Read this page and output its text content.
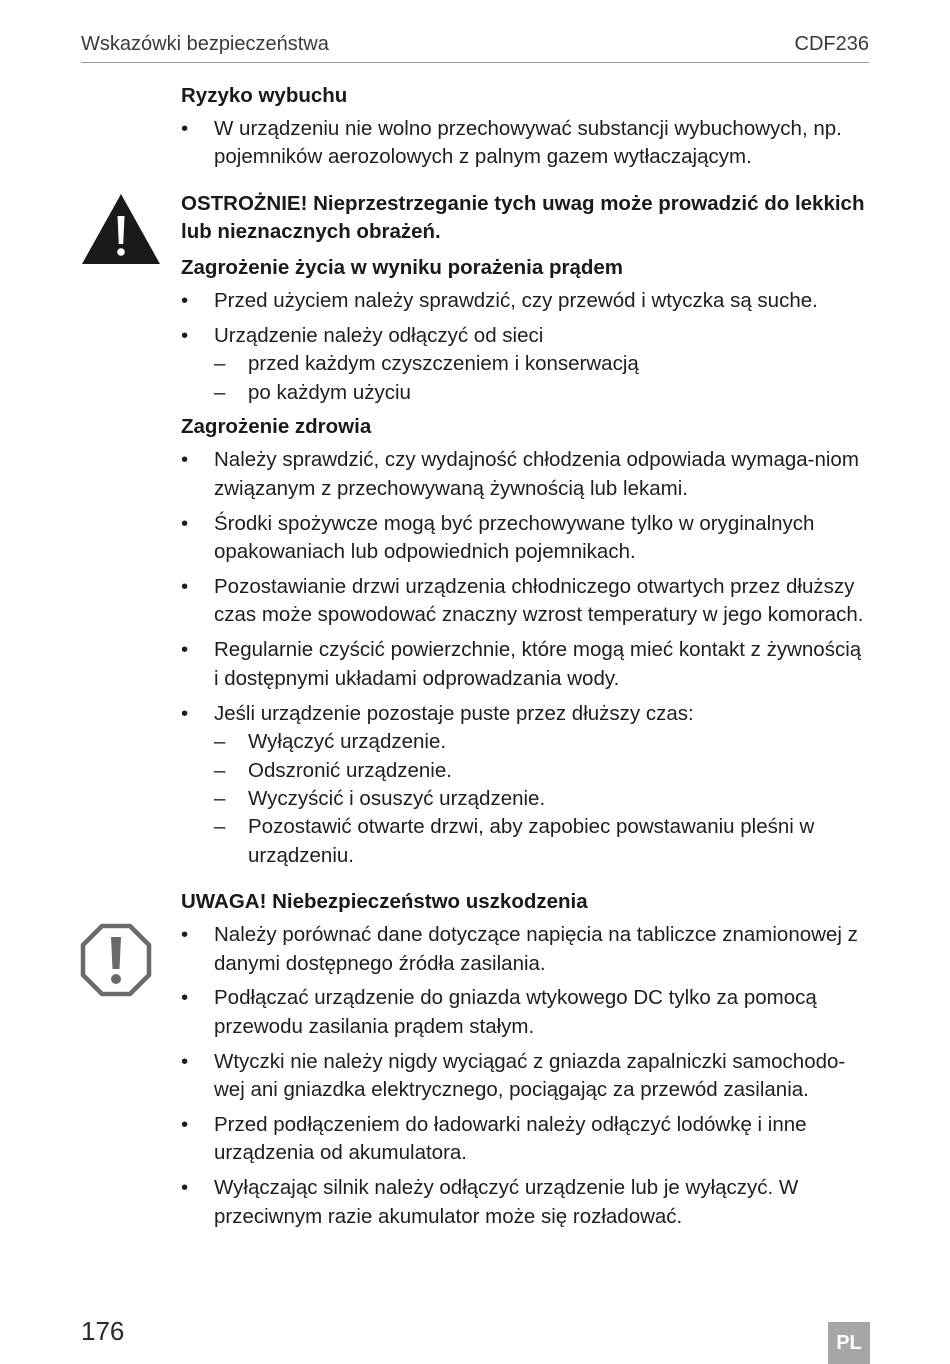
Wskazówki bezpieczeństwa	CDF236
Ryzyko wybuchu
•	W urządzeniu nie wolno przechowywać substancji wybuchowych, np. pojemników aerozolowych z palnym gazem wytłaczającym.
OSTROŻNIE! Nieprzestrzeganie tych uwag może prowadzić do lekkich lub nieznacznych obrażeń.
Zagrożenie życia w wyniku porażenia prądem
•	Przed użyciem należy sprawdzić, czy przewód i wtyczka są suche.
•	Urządzenie należy odłączyć od sieci
– przed każdym czyszczeniem i konserwacją
– po każdym użyciu
Zagrożenie zdrowia
•	Należy sprawdzić, czy wydajność chłodzenia odpowiada wymaga-niom związanym z przechowywaną żywnością lub lekami.
•	Środki spożywcze mogą być przechowywane tylko w oryginalnych opakowaniach lub odpowiednich pojemnikach.
•	Pozostawianie drzwi urządzenia chłodniczego otwartych przez dłuższy czas może spowodować znaczny wzrost temperatury w jego komorach.
•	Regularnie czyścić powierzchnie, które mogą mieć kontakt z żywnością i dostępnymi układami odprowadzania wody.
•	Jeśli urządzenie pozostaje puste przez dłuższy czas:
– Wyłączyć urządzenie.
– Odszronić urządzenie.
– Wyczyścić i osuszyć urządzenie.
– Pozostawić otwarte drzwi, aby zapobiec powstawaniu pleśni w urządzeniu.
UWAGA! Niebezpieczeństwo uszkodzenia
•	Należy porównać dane dotyczące napięcia na tabliczce znamionowej z danymi dostępnego źródła zasilania.
•	Podłączać urządzenie do gniazda wtykowego DC tylko za pomocą przewodu zasilania prądem stałym.
•	Wtyczki nie należy nigdy wyciągać z gniazda zapalniczki samochodo-wej ani gniazdka elektrycznego, pociągając za przewód zasilania.
•	Przed podłączeniem do ładowarki należy odłączyć lodówkę i inne urządzenia od akumulatora.
•	Wyłączając silnik należy odłączyć urządzenie lub je wyłączyć. W przeciwnym razie akumulator może się rozładować.
176	PL
